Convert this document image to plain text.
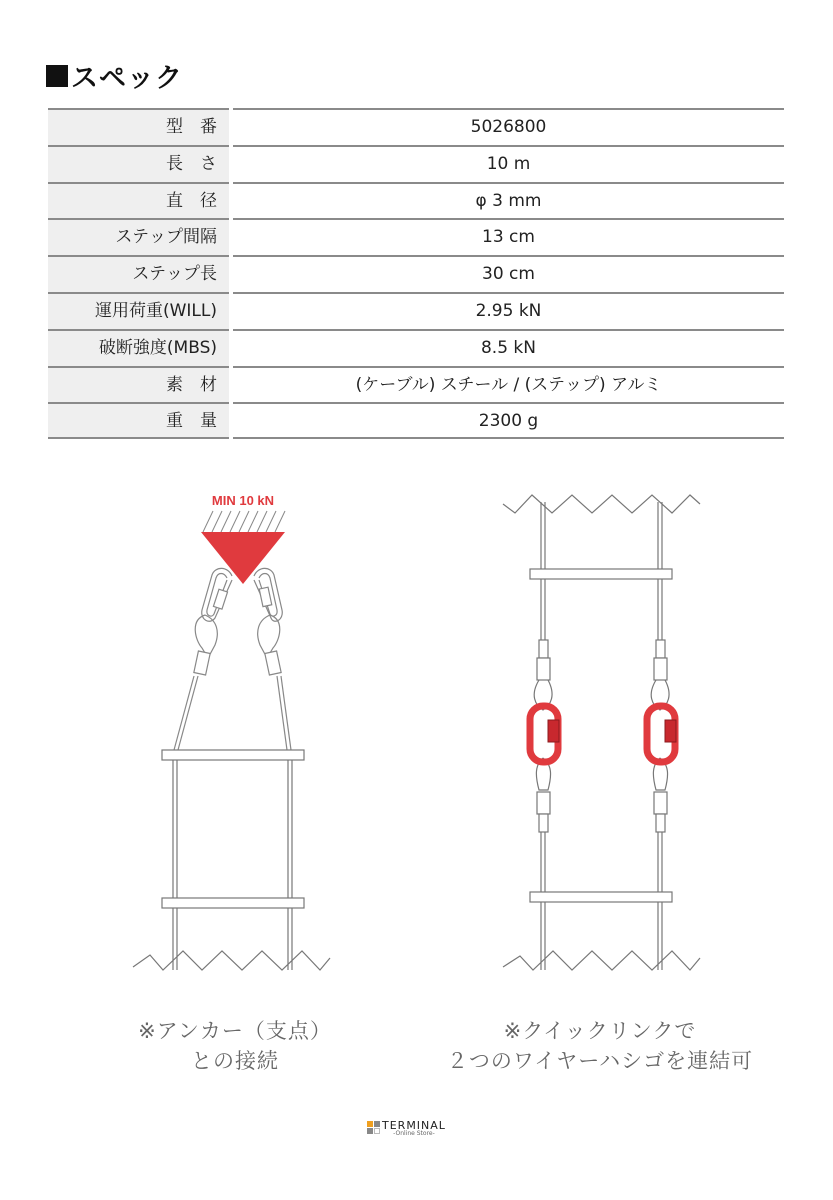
スペック
型　番	5026800
長　さ	10 m
直　径	φ 3 mm
ステップ間隔	13 cm
ステップ長	30 cm
運用荷重(WILL)	2.95 kN
破断強度(MBS)	8.5 kN
素　材	(ケーブル) スチール / (ステップ) アルミ
重　量	2300 g
MIN 10 kN
※アンカー（支点）
との接続
※クイックリンクで
２つのワイヤーハシゴを連結可
TERMINAL
-Online Store-
